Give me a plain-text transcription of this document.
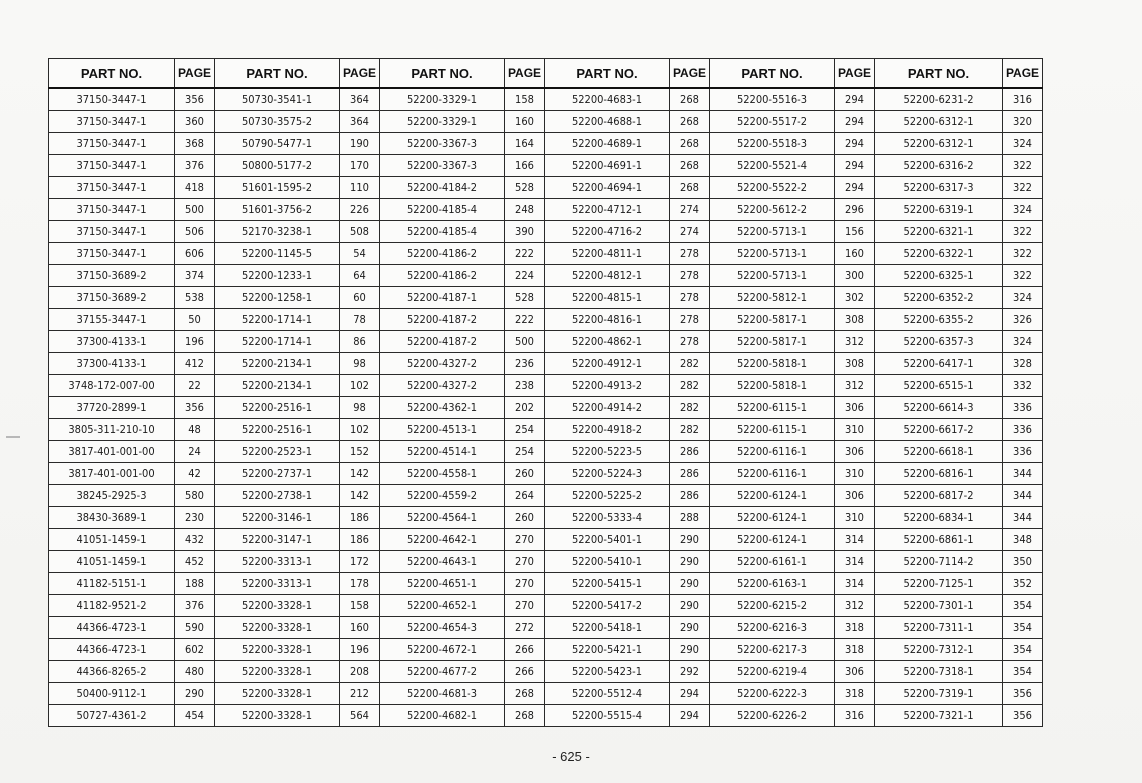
PART NO.	PAGE	PART NO.	PAGE	PART NO.	PAGE	PART NO.	PAGE	PART NO.	PAGE	PART NO.	PAGE
37150-3447-1	356	50730-3541-1	364	52200-3329-1	158	52200-4683-1	268	52200-5516-3	294	52200-6231-2	316
37150-3447-1	360	50730-3575-2	364	52200-3329-1	160	52200-4688-1	268	52200-5517-2	294	52200-6312-1	320
37150-3447-1	368	50790-5477-1	190	52200-3367-3	164	52200-4689-1	268	52200-5518-3	294	52200-6312-1	324
37150-3447-1	376	50800-5177-2	170	52200-3367-3	166	52200-4691-1	268	52200-5521-4	294	52200-6316-2	322
37150-3447-1	418	51601-1595-2	110	52200-4184-2	528	52200-4694-1	268	52200-5522-2	294	52200-6317-3	322
37150-3447-1	500	51601-3756-2	226	52200-4185-4	248	52200-4712-1	274	52200-5612-2	296	52200-6319-1	324
37150-3447-1	506	52170-3238-1	508	52200-4185-4	390	52200-4716-2	274	52200-5713-1	156	52200-6321-1	322
37150-3447-1	606	52200-1145-5	54	52200-4186-2	222	52200-4811-1	278	52200-5713-1	160	52200-6322-1	322
37150-3689-2	374	52200-1233-1	64	52200-4186-2	224	52200-4812-1	278	52200-5713-1	300	52200-6325-1	322
37150-3689-2	538	52200-1258-1	60	52200-4187-1	528	52200-4815-1	278	52200-5812-1	302	52200-6352-2	324
37155-3447-1	50	52200-1714-1	78	52200-4187-2	222	52200-4816-1	278	52200-5817-1	308	52200-6355-2	326
37300-4133-1	196	52200-1714-1	86	52200-4187-2	500	52200-4862-1	278	52200-5817-1	312	52200-6357-3	324
37300-4133-1	412	52200-2134-1	98	52200-4327-2	236	52200-4912-1	282	52200-5818-1	308	52200-6417-1	328
3748-172-007-00	22	52200-2134-1	102	52200-4327-2	238	52200-4913-2	282	52200-5818-1	312	52200-6515-1	332
37720-2899-1	356	52200-2516-1	98	52200-4362-1	202	52200-4914-2	282	52200-6115-1	306	52200-6614-3	336
3805-311-210-10	48	52200-2516-1	102	52200-4513-1	254	52200-4918-2	282	52200-6115-1	310	52200-6617-2	336
3817-401-001-00	24	52200-2523-1	152	52200-4514-1	254	52200-5223-5	286	52200-6116-1	306	52200-6618-1	336
3817-401-001-00	42	52200-2737-1	142	52200-4558-1	260	52200-5224-3	286	52200-6116-1	310	52200-6816-1	344
38245-2925-3	580	52200-2738-1	142	52200-4559-2	264	52200-5225-2	286	52200-6124-1	306	52200-6817-2	344
38430-3689-1	230	52200-3146-1	186	52200-4564-1	260	52200-5333-4	288	52200-6124-1	310	52200-6834-1	344
41051-1459-1	432	52200-3147-1	186	52200-4642-1	270	52200-5401-1	290	52200-6124-1	314	52200-6861-1	348
41051-1459-1	452	52200-3313-1	172	52200-4643-1	270	52200-5410-1	290	52200-6161-1	314	52200-7114-2	350
41182-5151-1	188	52200-3313-1	178	52200-4651-1	270	52200-5415-1	290	52200-6163-1	314	52200-7125-1	352
41182-9521-2	376	52200-3328-1	158	52200-4652-1	270	52200-5417-2	290	52200-6215-2	312	52200-7301-1	354
44366-4723-1	590	52200-3328-1	160	52200-4654-3	272	52200-5418-1	290	52200-6216-3	318	52200-7311-1	354
44366-4723-1	602	52200-3328-1	196	52200-4672-1	266	52200-5421-1	290	52200-6217-3	318	52200-7312-1	354
44366-8265-2	480	52200-3328-1	208	52200-4677-2	266	52200-5423-1	292	52200-6219-4	306	52200-7318-1	354
50400-9112-1	290	52200-3328-1	212	52200-4681-3	268	52200-5512-4	294	52200-6222-3	318	52200-7319-1	356
50727-4361-2	454	52200-3328-1	564	52200-4682-1	268	52200-5515-4	294	52200-6226-2	316	52200-7321-1	356
- 625 -
